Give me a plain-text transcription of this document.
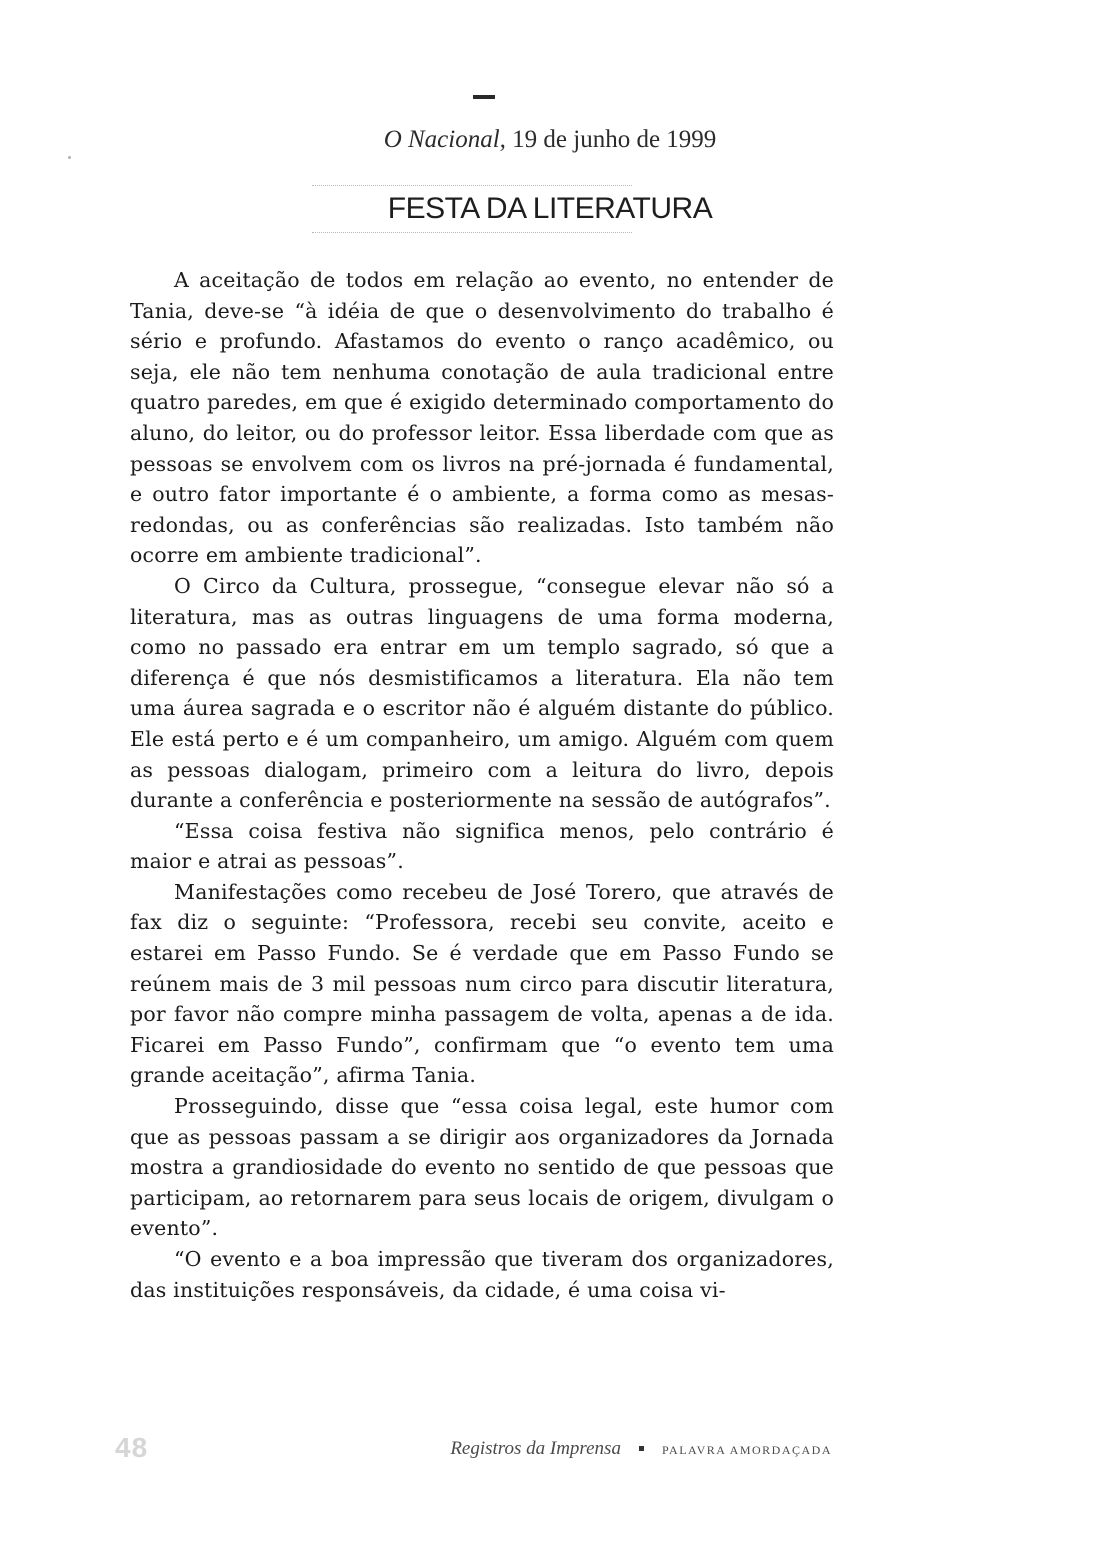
O Nacional, 19 de junho de 1999
FESTA DA LITERATURA

A aceitação de todos em relação ao evento, no entender de Tania, deve-se “à idéia de que o desenvolvimento do trabalho é sério e profundo. Afastamos do evento o ranço acadêmico, ou seja, ele não tem nenhuma conotação de aula tradicional entre quatro paredes, em que é exigido determinado comportamento do aluno, do leitor, ou do professor leitor. Essa liberdade com que as pessoas se envolvem com os livros na pré-jornada é fundamental, e outro fator importante é o ambiente, a forma como as mesas-redondas, ou as conferências são realizadas. Isto também não ocorre em ambiente tradicional”.

O Circo da Cultura, prossegue, “consegue elevar não só a literatura, mas as outras linguagens de uma forma moderna, como no passado era entrar em um templo sagrado, só que a diferença é que nós desmistificamos a literatura. Ela não tem uma áurea sagrada e o escritor não é alguém distante do público. Ele está perto e é um companheiro, um amigo. Alguém com quem as pessoas dialogam, primeiro com a leitura do livro, depois durante a conferência e posteriormente na sessão de autógrafos”.

“Essa coisa festiva não significa menos, pelo contrário é maior e atrai as pessoas”.

Manifestações como recebeu de José Torero, que através de fax diz o seguinte: “Professora, recebi seu convite, aceito e estarei em Passo Fundo. Se é verdade que em Passo Fundo se reúnem mais de 3 mil pessoas num circo para discutir literatura, por favor não compre minha passagem de volta, apenas a de ida. Ficarei em Passo Fundo”, confirmam que “o evento tem uma grande aceitação”, afirma Tania.

Prosseguindo, disse que “essa coisa legal, este humor com que as pessoas passam a se dirigir aos organizadores da Jornada mostra a grandiosidade do evento no sentido de que pessoas que participam, ao retornarem para seus locais de origem, divulgam o evento”.

“O evento e a boa impressão que tiveram dos organizadores, das instituições responsáveis, da cidade, é uma coisa vi-

48	Registros da Imprensa	PALAVRA AMORDAÇADA
